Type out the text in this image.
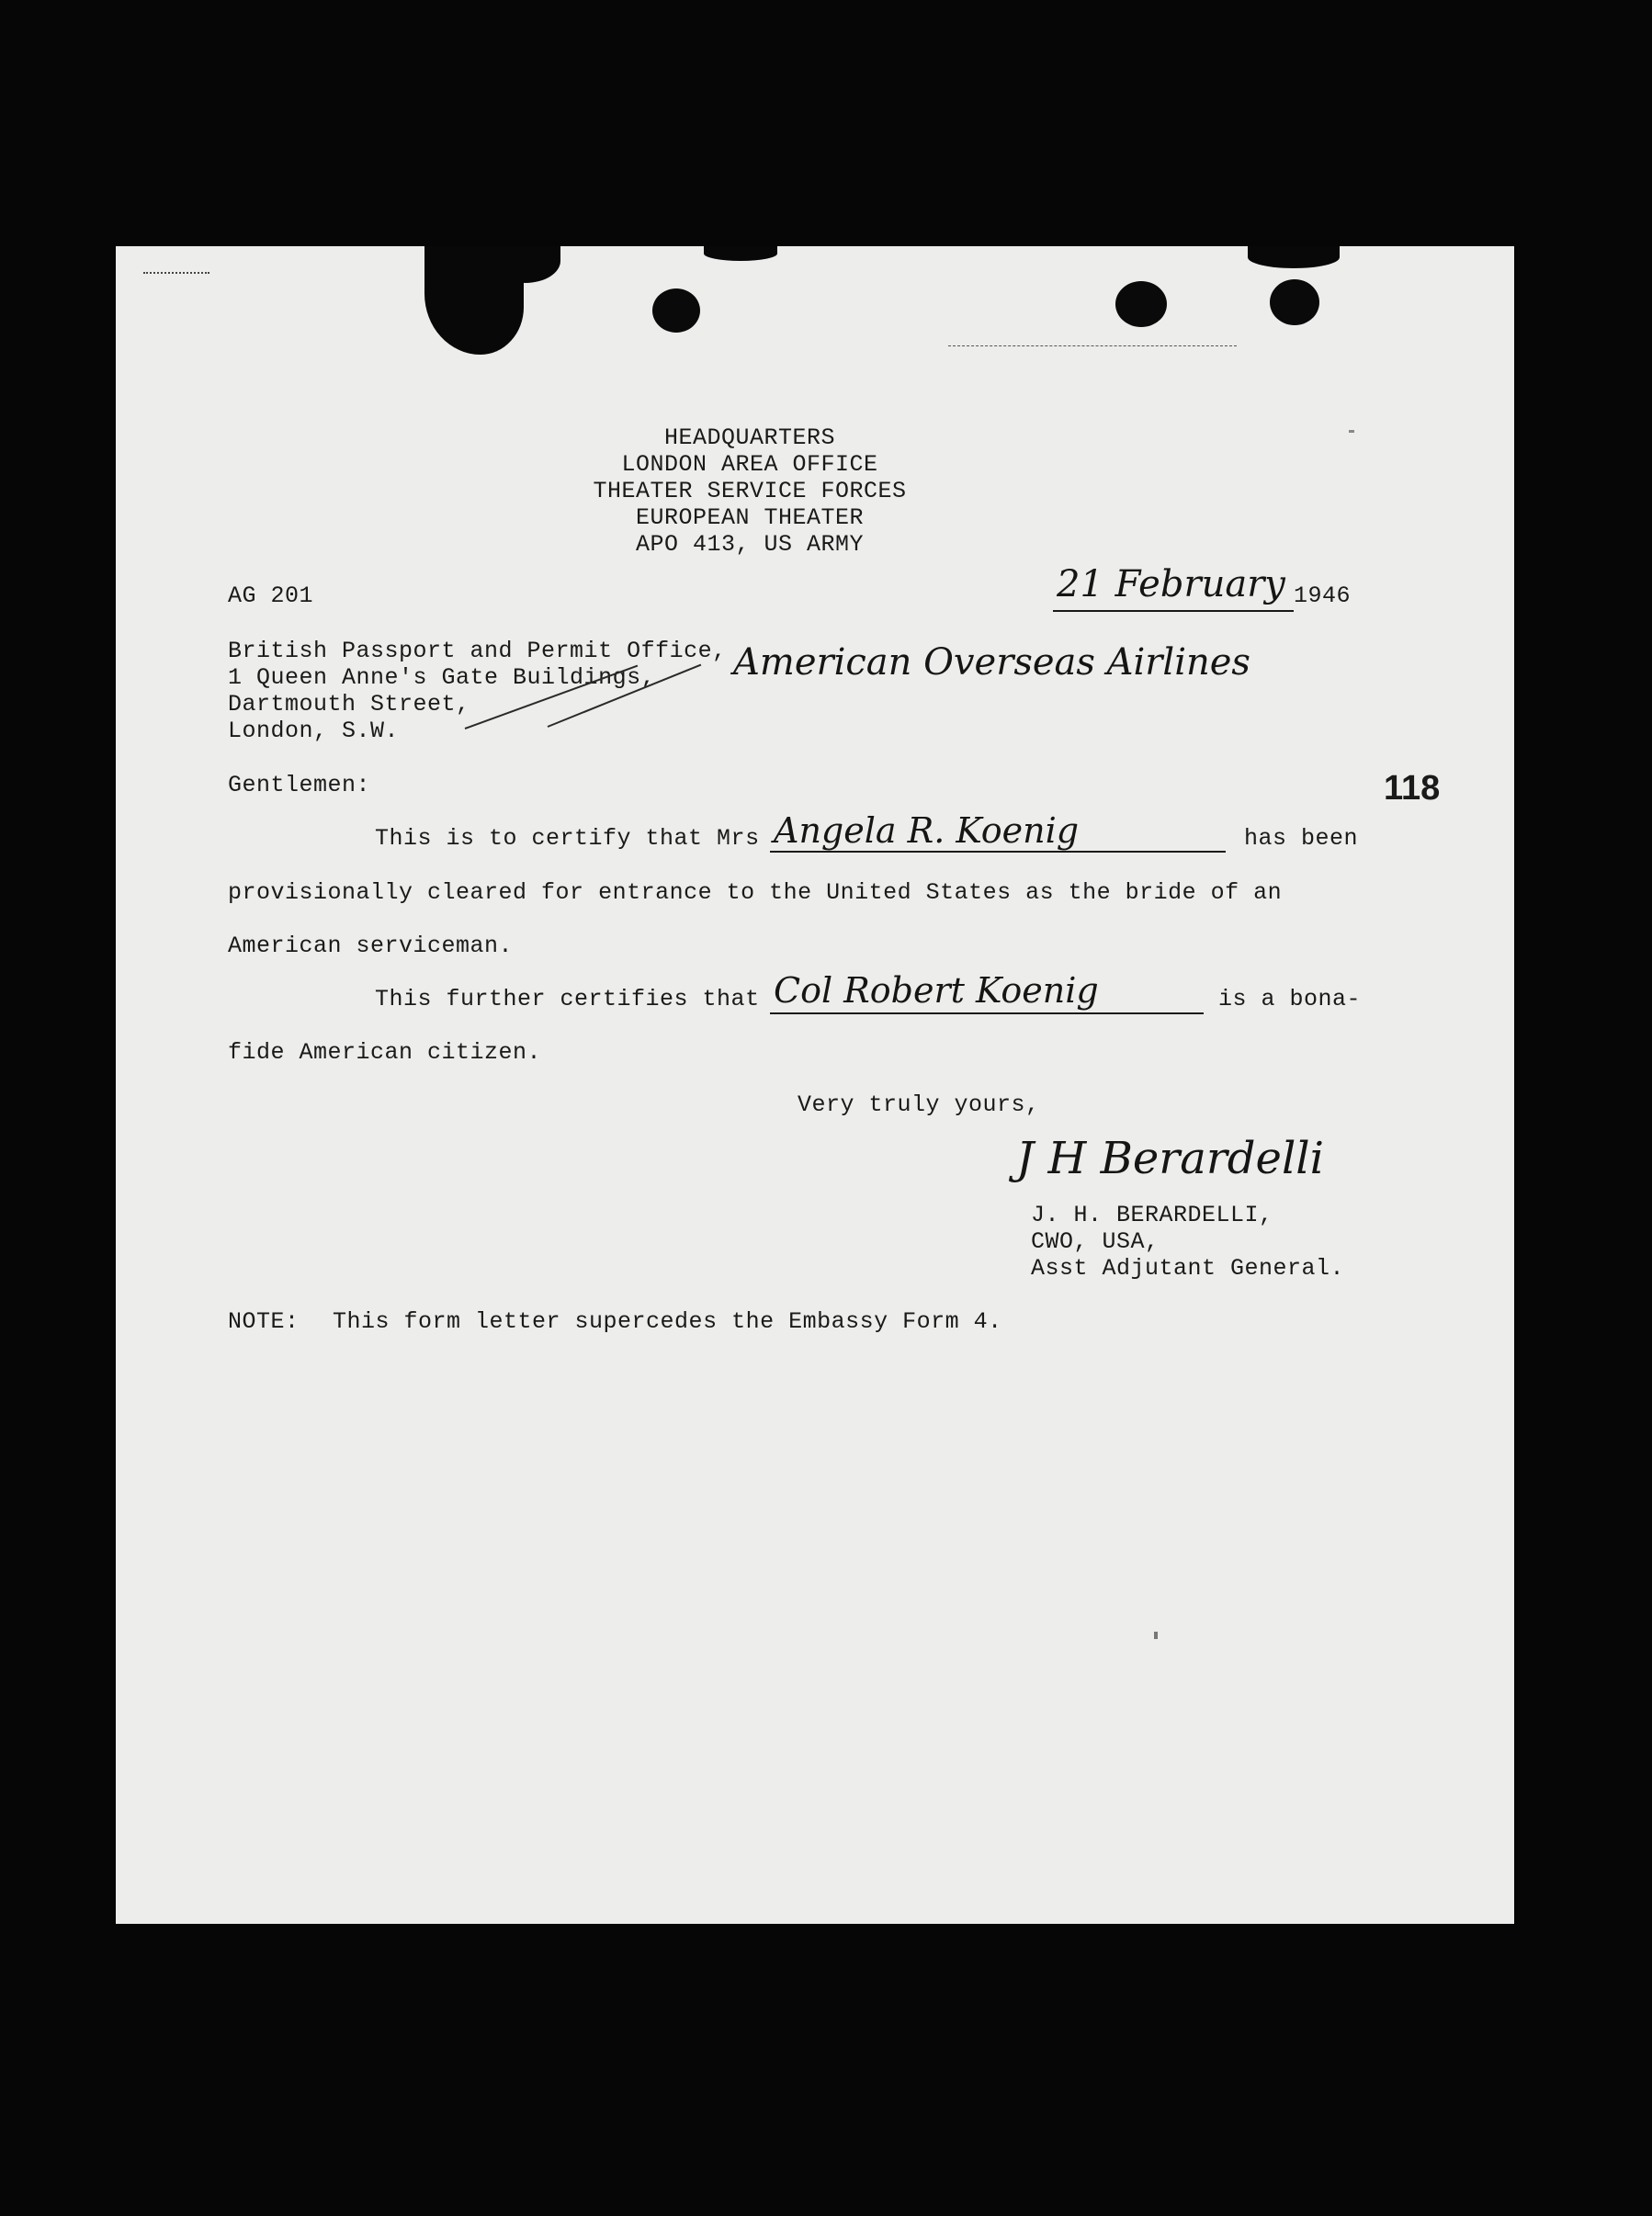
HEADQUARTERS
LONDON AREA OFFICE
THEATER SERVICE FORCES
EUROPEAN THEATER
APO 413, US ARMY
AG 201	21 February 1946
British Passport and Permit Office,
1 Queen Anne's Gate Buildings,
Dartmouth Street,
London, S.W.
American Overseas Airlines
118
Gentlemen:
This is to certify that Mrs Angela R. Koenig	has been
provisionally cleared for entrance to the United States as the bride of an
American serviceman.
This further certifies that Col Robert Koenig	is a bona-
fide American citizen.
Very truly yours,
J H Berardelli
J. H. BERARDELLI,
CWO, USA,
Asst Adjutant General.
NOTE: This form letter supercedes the Embassy Form 4.
